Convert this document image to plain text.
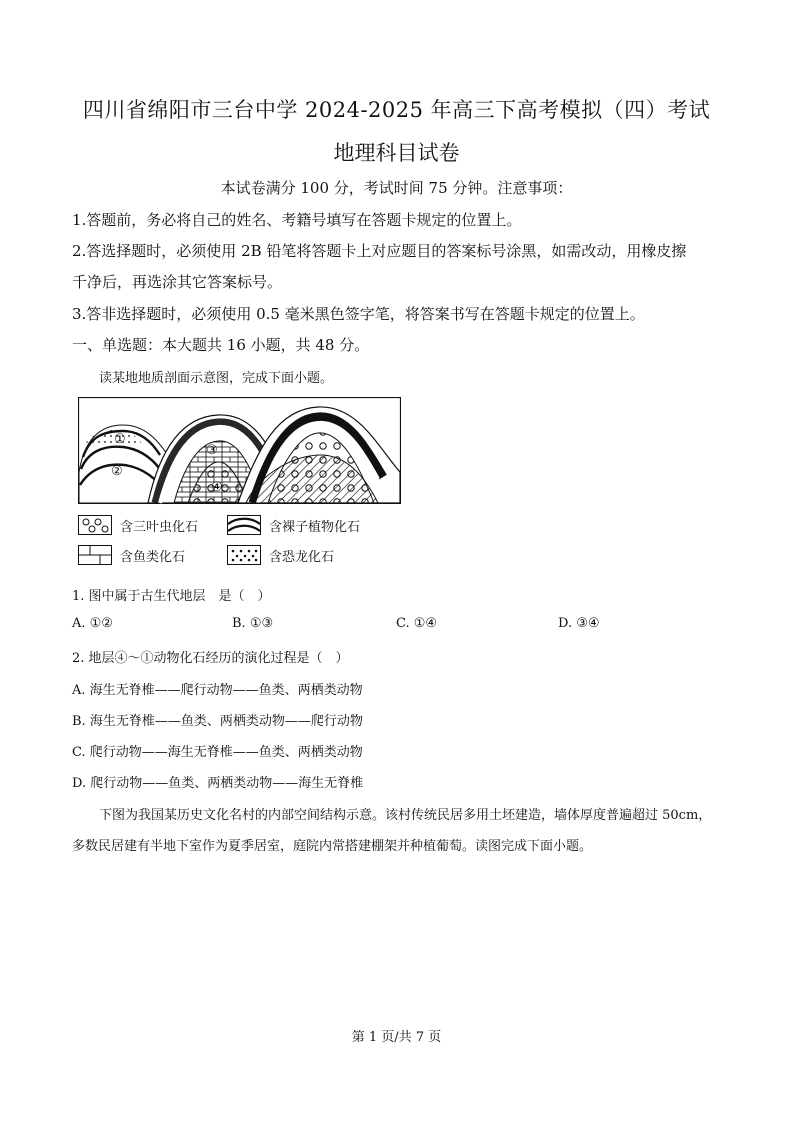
四川省绵阳市三台中学 2024-2025 年高三下高考模拟（四）考试
地理科目试卷
本试卷满分 100 分，考试时间 75 分钟。注意事项：
1.答题前，务必将自己的姓名、考籍号填写在答题卡规定的位置上。
2.答选择题时，必须使用 2B 铅笔将答题卡上对应题目的答案标号涂黑，如需改动，用橡皮擦
千净后，再选涂其它答案标号。
3.答非选择题时，必须使用 0.5 毫米黑色签字笔，将答案书写在答题卡规定的位置上。
一、单选题：本大题共 16 小题，共 48 分。
读某地地质剖面示意图，完成下面小题。
①
②
③
④
含三叶虫化石	含裸子植物化石
含鱼类化石	含恐龙化石
1. 图中属于古生代地层　是（　）
A. ①②	B. ①③	C. ①④	D. ③④
2. 地层④～①动物化石经历的演化过程是（　）
A. 海生无脊椎——爬行动物——鱼类、两栖类动物
B. 海生无脊椎——鱼类、两栖类动物——爬行动物
C. 爬行动物——海生无脊椎——鱼类、两栖类动物
D. 爬行动物——鱼类、两栖类动物——海生无脊椎
下图为我国某历史文化名村的内部空间结构示意。该村传统民居多用土坯建造，墙体厚度普遍超过 50cm，
多数民居建有半地下室作为夏季居室，庭院内常搭建棚架并种植葡萄。读图完成下面小题。
第 1 页/共 7 页
